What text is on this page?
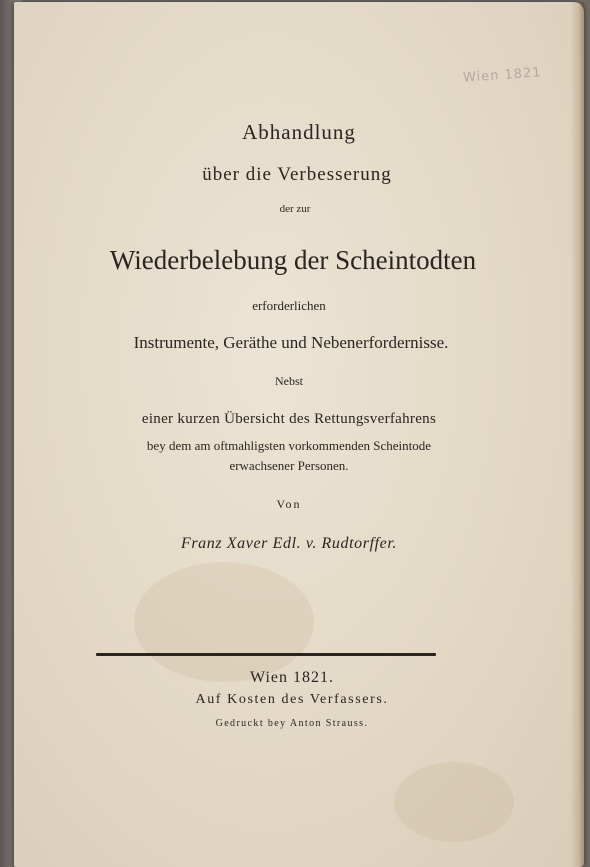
Wien 1821
Abhandlung
über die Verbesserung
der zur
Wiederbelebung der Scheintodten
erforderlichen
Instrumente, Geräthe und Nebenerfordernisse.
Nebst
einer kurzen Übersicht des Rettungsverfahrens
bey dem am oftmahligsten vorkommenden Scheintode
erwachsener Personen.
Von
Franz Xaver Edl. v. Rudtorffer.
Wien 1821.
Auf Kosten des Verfassers.
Gedruckt bey Anton Strauss.
